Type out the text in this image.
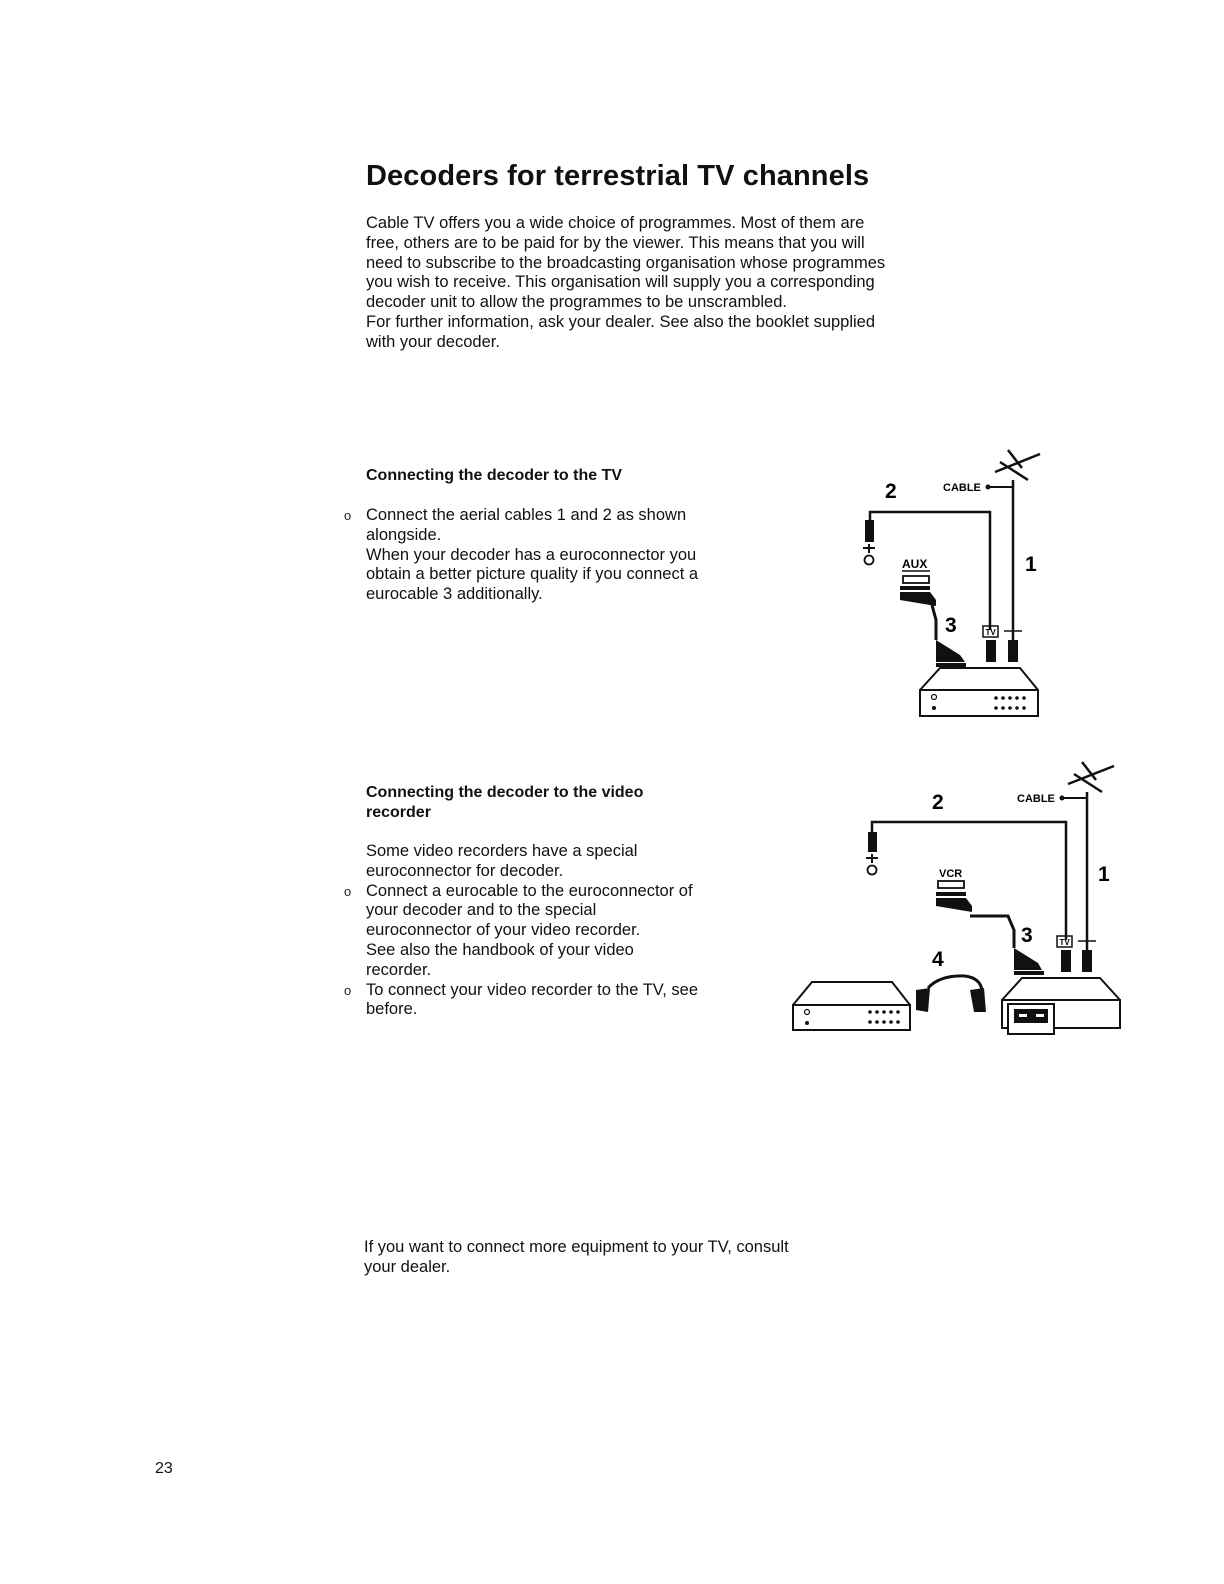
Decoders for terrestrial TV channels

Cable TV offers you a wide choice of programmes. Most of them are

free, others are to be paid for by the viewer. This means that you will

need to subscribe to the broadcasting organisation whose programmes

you wish to receive. This organisation will supply you a corresponding

decoder unit to allow the programmes to be unscrambled.

For further information, ask your dealer. See also the booklet supplied

with your decoder.

Connecting the decoder to the TV
o Connect the aerial cables 1 and 2 as shown

alongside.

When your decoder has a euroconnector you

obtain a better picture quality if you connect a

eurocable 3 additionally.

CABLE
2
1
AUX
3	TV
Connecting the decoder to the video
recorder
o
o

Some video recorders have a special

euroconnector for decoder.

Connect a eurocable to the euroconnector of

your decoder and to the special

euroconnector of your video recorder.

See also the handbook of your video

recorder.

To connect your video recorder to the TV, see

before.

CABLE
2
1
VCR
3	TV
4

If you want to connect more equipment to your TV, consult

your dealer.

23
